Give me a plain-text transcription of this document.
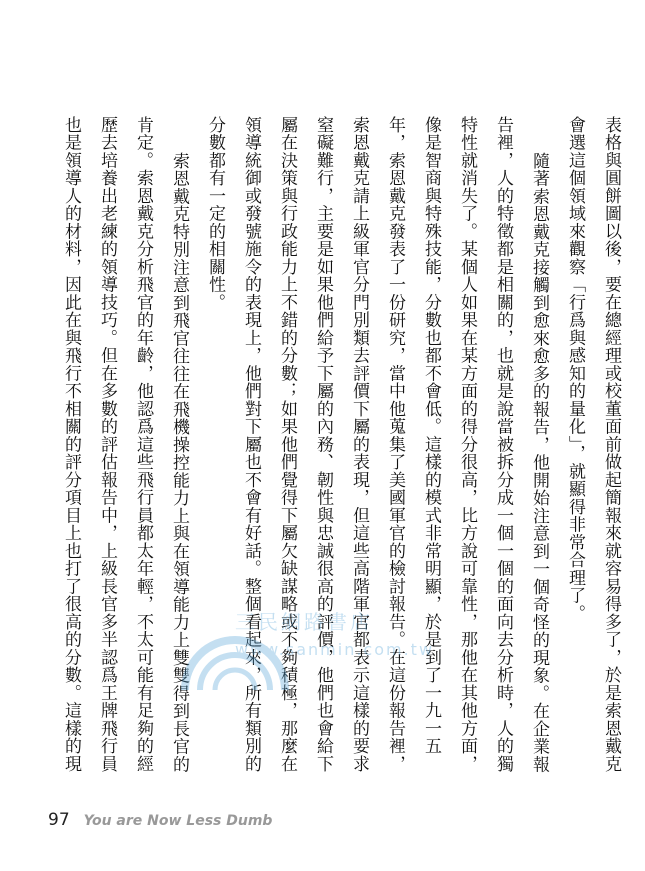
表格與圓餅圖以後，要在總經理或校董面前做起簡報來就容易得多了，於是索恩戴克
會選這個領域來觀察「行爲與感知的量化」，就顯得非常合理了。
隨著索恩戴克接觸到愈來愈多的報告，他開始注意到一個奇怪的現象。在企業報
告裡，人的特徵都是相關的，也就是說當被拆分成一個一個的面向去分析時，人的獨
特性就消失了。某個人如果在某方面的得分很高，比方說可靠性，那他在其他方面，
像是智商與特殊技能，分數也都不會低。這樣的模式非常明顯，於是到了一九一五
年，索恩戴克發表了一份研究，當中他蒐集了美國軍官的檢討報告。在這份報告裡，
索恩戴克請上級軍官分門別類去評價下屬的表現，但這些高階軍官都表示這樣的要求
窒礙難行，主要是如果他們給予下屬的內務、韌性與忠誠很高的評價，他們也會給下
屬在決策與行政能力上不錯的分數；如果他們覺得下屬欠缺謀略或不夠積極，那麼在
領導統御或發號施令的表現上，他們對下屬也不會有好話。整個看起來，所有類別的
分數都有一定的相關性。
索恩戴克特別注意到飛官往往在飛機操控能力上與在領導能力上雙雙得到長官的
肯定。索恩戴克分析飛官的年齡，他認爲這些飛行員都太年輕，不太可能有足夠的經
歷去培養出老練的領導技巧。但在多數的評估報告中，上級長官多半認爲王牌飛行員
也是領導人的材料，因此在與飛行不相關的評分項目上也打了很高的分數。這樣的現	三民網路書店
www.sanmin.com.tw
97 You are Now Less Dumb
